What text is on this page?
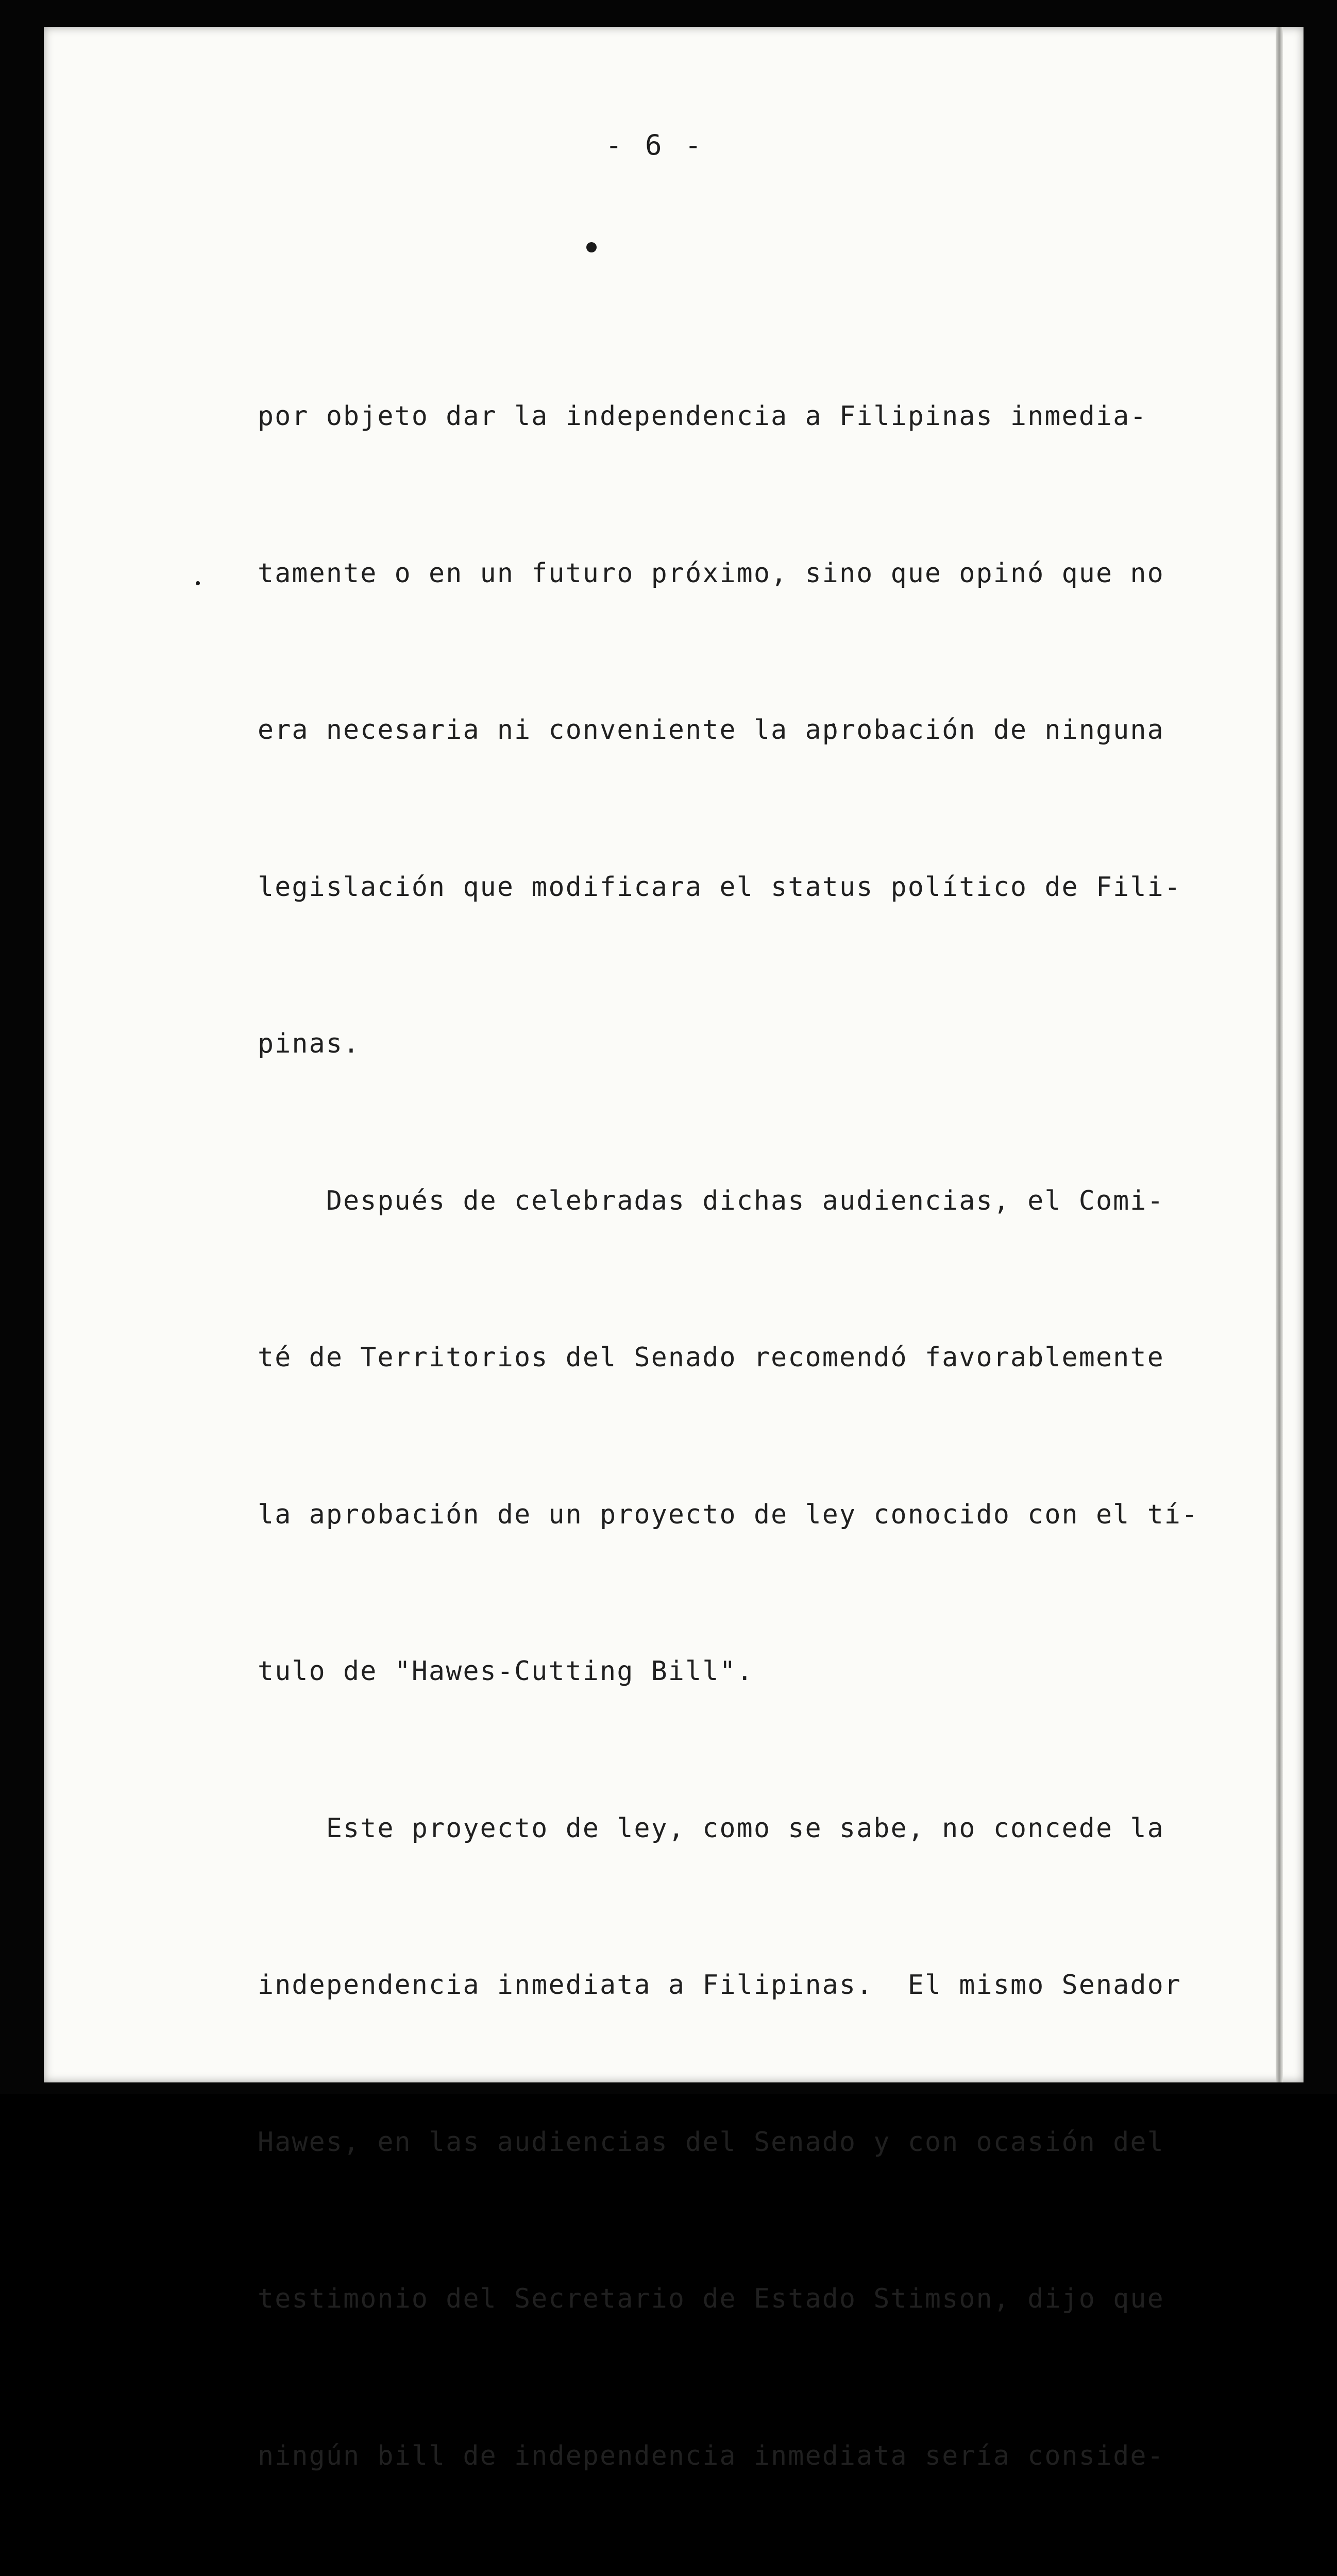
- 6 -

por objeto dar la independencia a Filipinas inmedia-

tamente o en un futuro próximo, sino que opinó que no

era necesaria ni conveniente la aprobación de ninguna

legislación que modificara el status político de Fili-

pinas.

Después de celebradas dichas audiencias, el Comi-

té de Territorios del Senado recomendó favorablemente

la aprobación de un proyecto de ley conocido con el tí-

tulo de "Hawes-Cutting Bill".

Este proyecto de ley, como se sabe, no concede la

independencia inmediata a Filipinas.  El mismo Senador

Hawes, en las audiencias del Senado y con ocasión del

testimonio del Secretario de Estado Stimson, dijo que

ningún bill de independencia inmediata sería conside-
